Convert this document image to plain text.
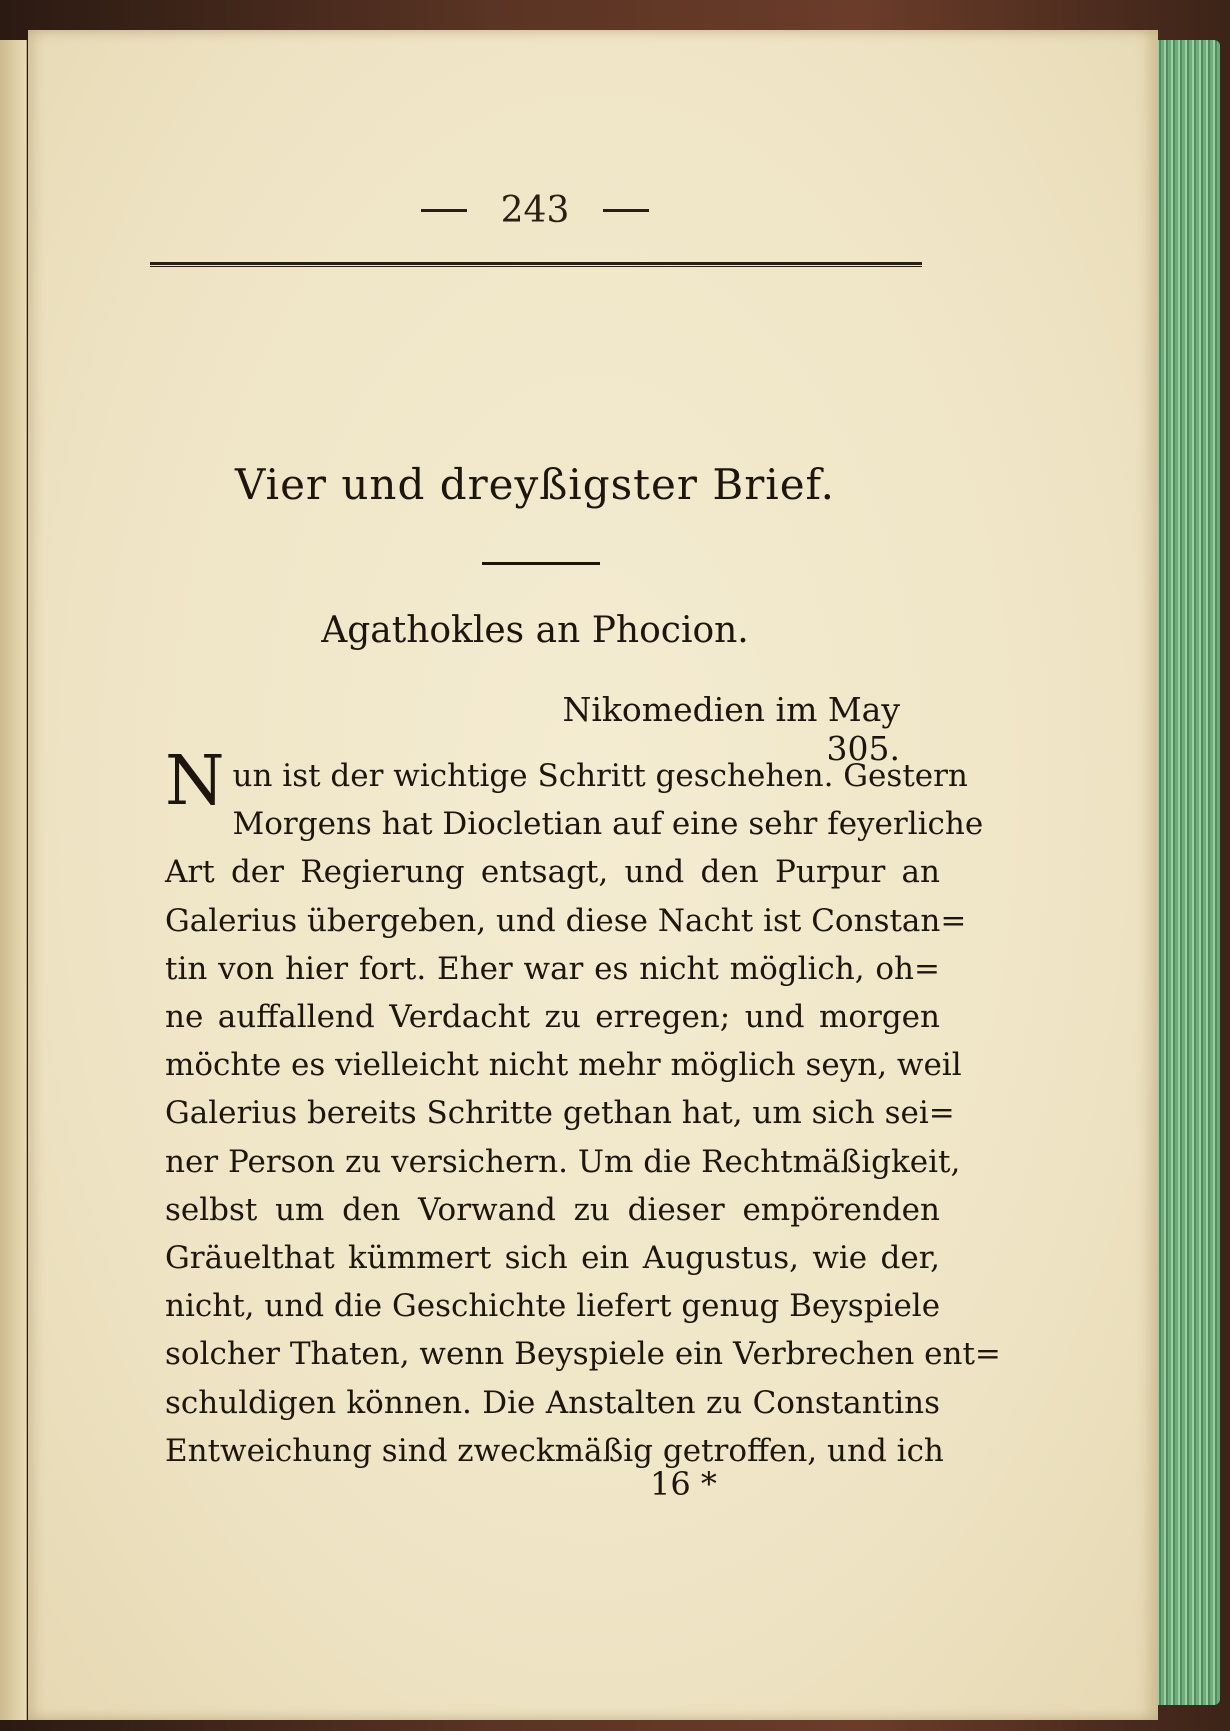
243
Vier und dreyßigster Brief.
Agathokles an Phocion.
Nikomedien im May 305.
N un ist der wichtige Schritt geschehen. Gestern
Morgens hat Diocletian auf eine sehr feyerliche
Art der Regierung entsagt, und den Purpur an
Galerius übergeben, und diese Nacht ist Constan=
tin von hier fort. Eher war es nicht möglich, oh=
ne auffallend Verdacht zu erregen; und morgen
möchte es vielleicht nicht mehr möglich seyn, weil
Galerius bereits Schritte gethan hat, um sich sei=
ner Person zu versichern. Um die Rechtmäßigkeit,
selbst um den Vorwand zu dieser empörenden
Gräuelthat kümmert sich ein Augustus, wie der,
nicht, und die Geschichte liefert genug Beyspiele
solcher Thaten, wenn Beyspiele ein Verbrechen ent=
schuldigen können. Die Anstalten zu Constantins
Entweichung sind zweckmäßig getroffen, und ich
16 *
